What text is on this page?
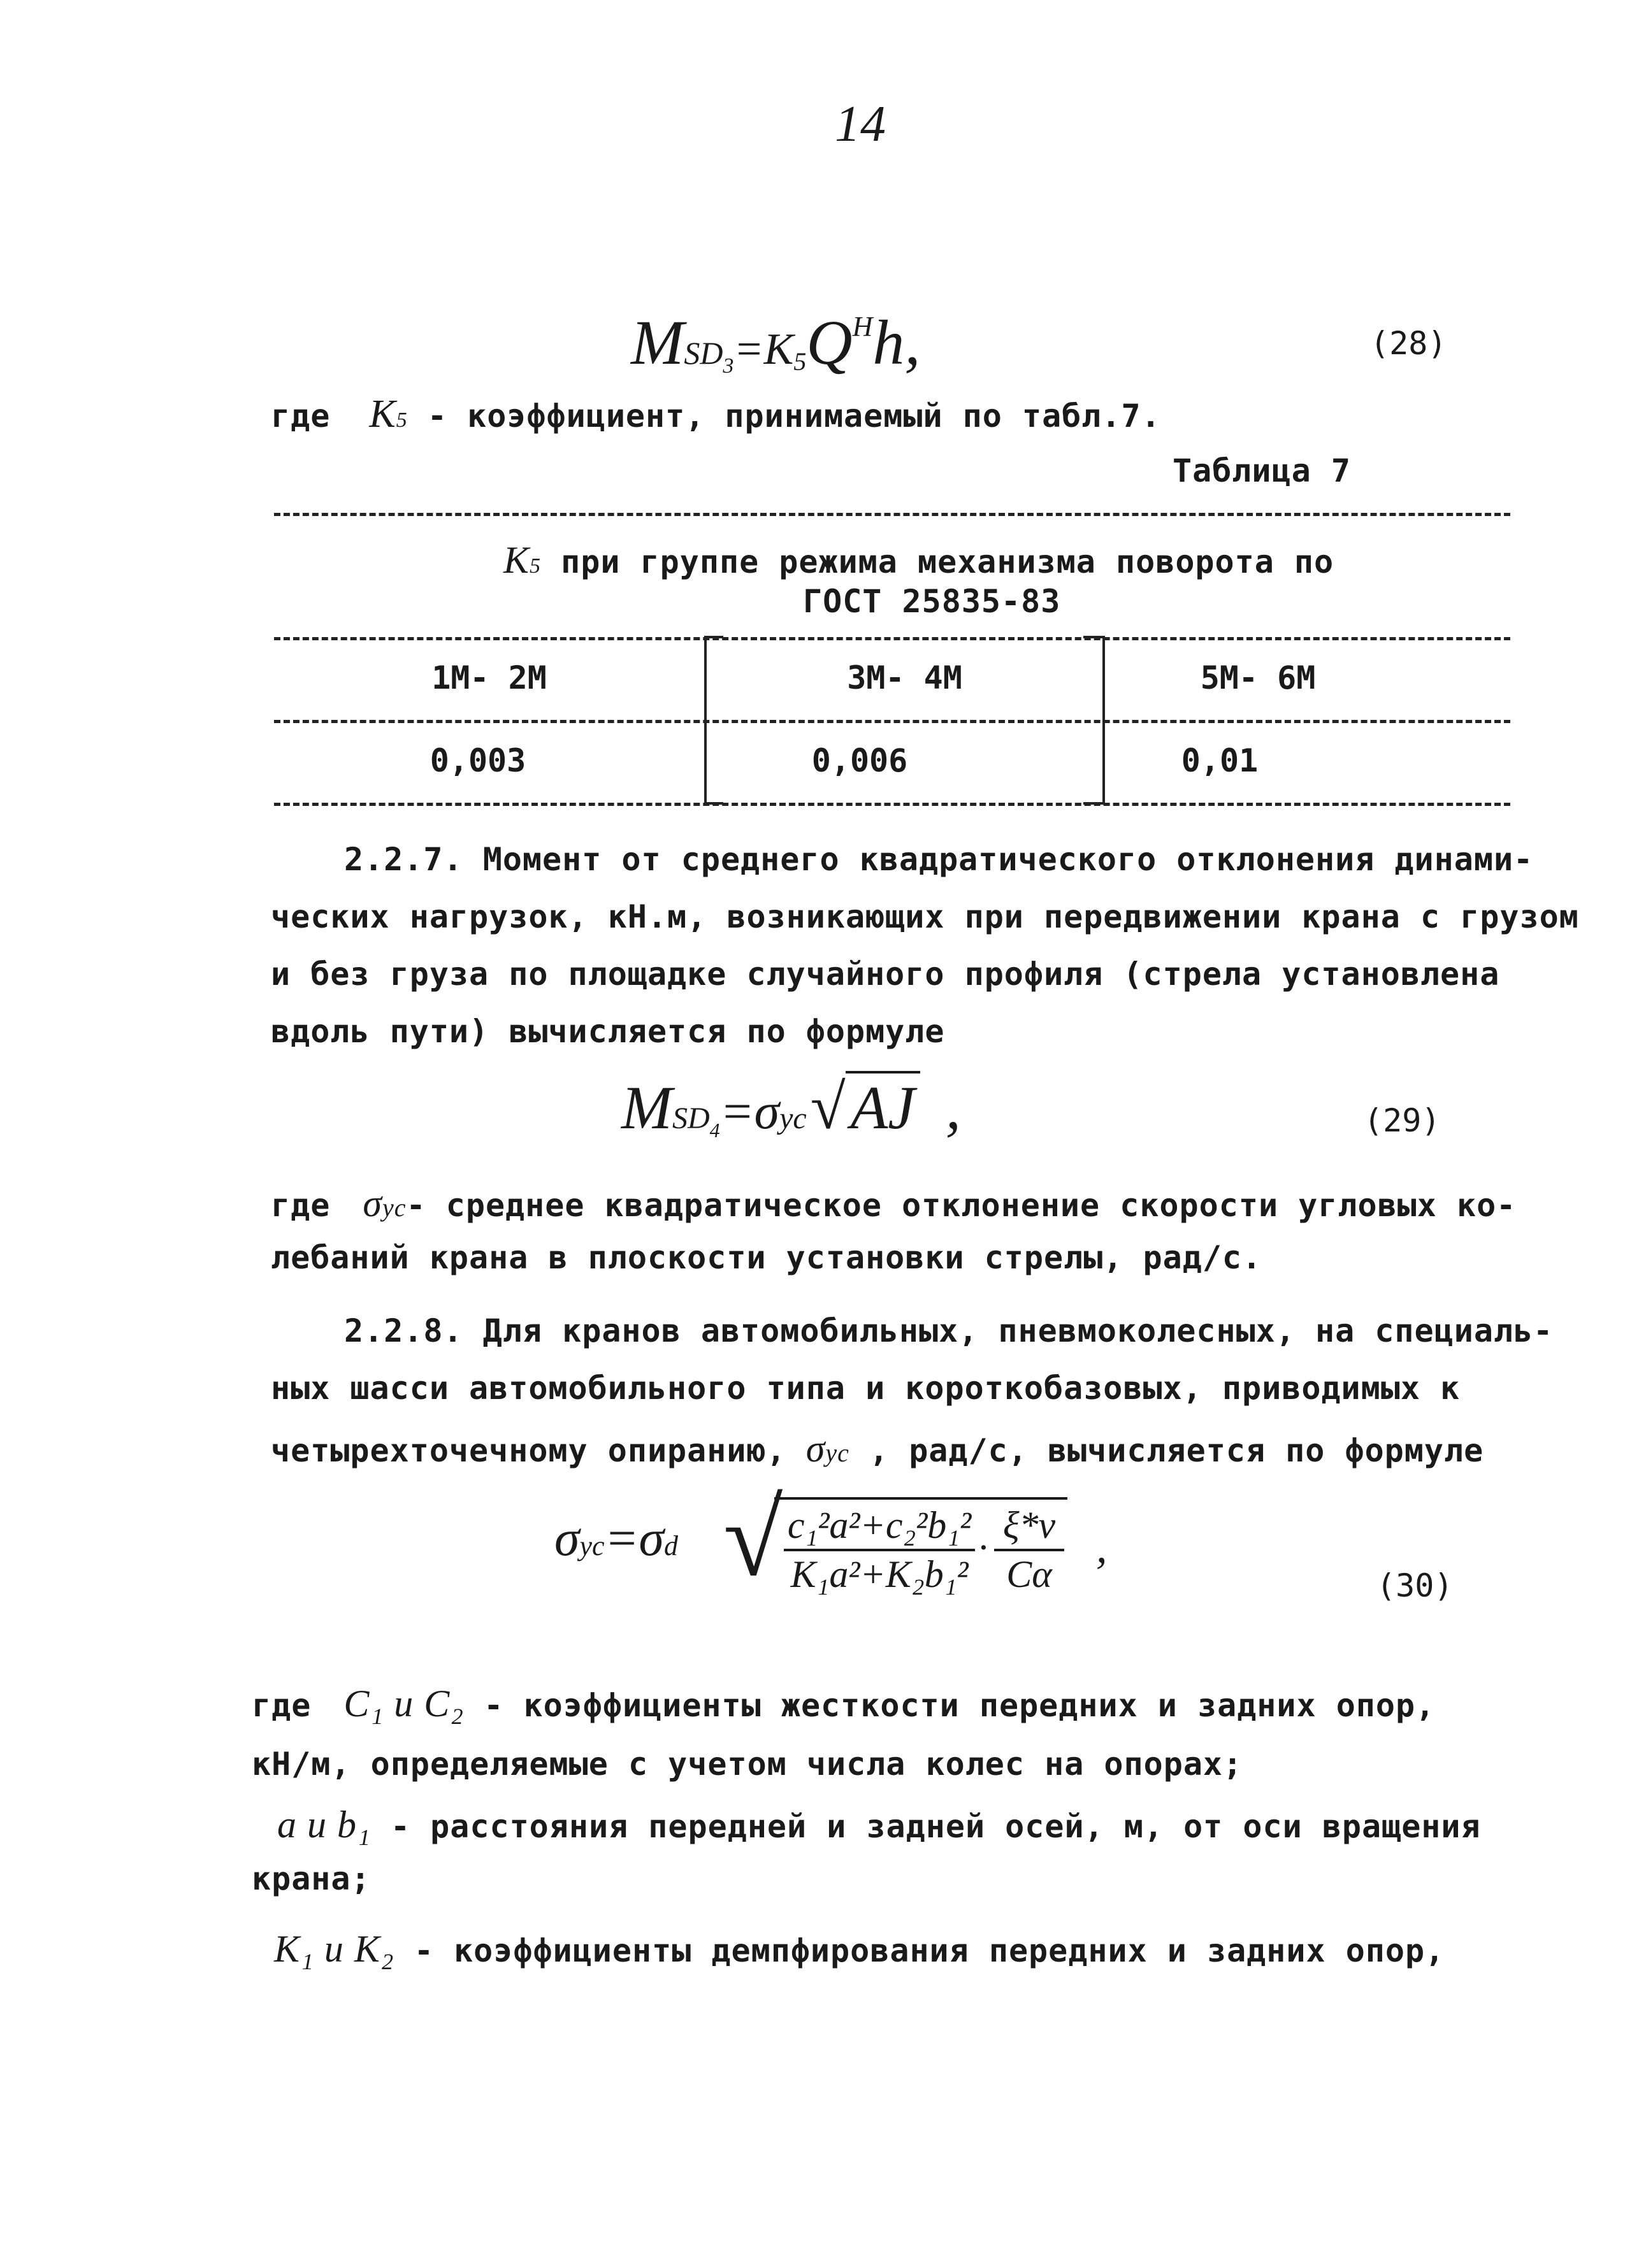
14
$MSD3=K5Q^Hh$,	(28)
где K5 - коэффициент, принимаемый по табл.7.
Таблица 7
K5 при группе режима механизма поворота по
ГОСТ 25835-83
1М- 2М	3М- 4М	5М- 6М
0,003	0,006	0,01
2.2.7. Момент от среднего квадратического отклонения динами-
ческих нагрузок, кН.м, возникающих при передвижении крана с грузом
и без груза по площадке случайного профиля (стрела установлена
вдоль пути) вычисляется по формуле
MSD4=σyc√AJ ,	(29)
где σyc- среднее квадратическое отклонение скорости угловых ко-
лебаний крана в плоскости установки стрелы, рад/с.
2.2.8. Для кранов автомобильных, пневмоколесных, на специаль-
ных шасси автомобильного типа и короткобазовых, приводимых к
четырехточечному опиранию, σyc , рад/с, вычисляется по формуле
σyc=σd √ c₁²a²+c₂²b₁²
K₁a²+K₂b₁²
·
ξ*v
Cα
,
(30)
где C₁ и C₂ - коэффициенты жесткости передних и задних опор,
кН/м, определяемые с учетом числа колес на опорах;
a и b₁ - расстояния передней и задней осей, м, от оси вращения
крана;
K₁ и K₂ - коэффициенты демпфирования передних и задних опор,
